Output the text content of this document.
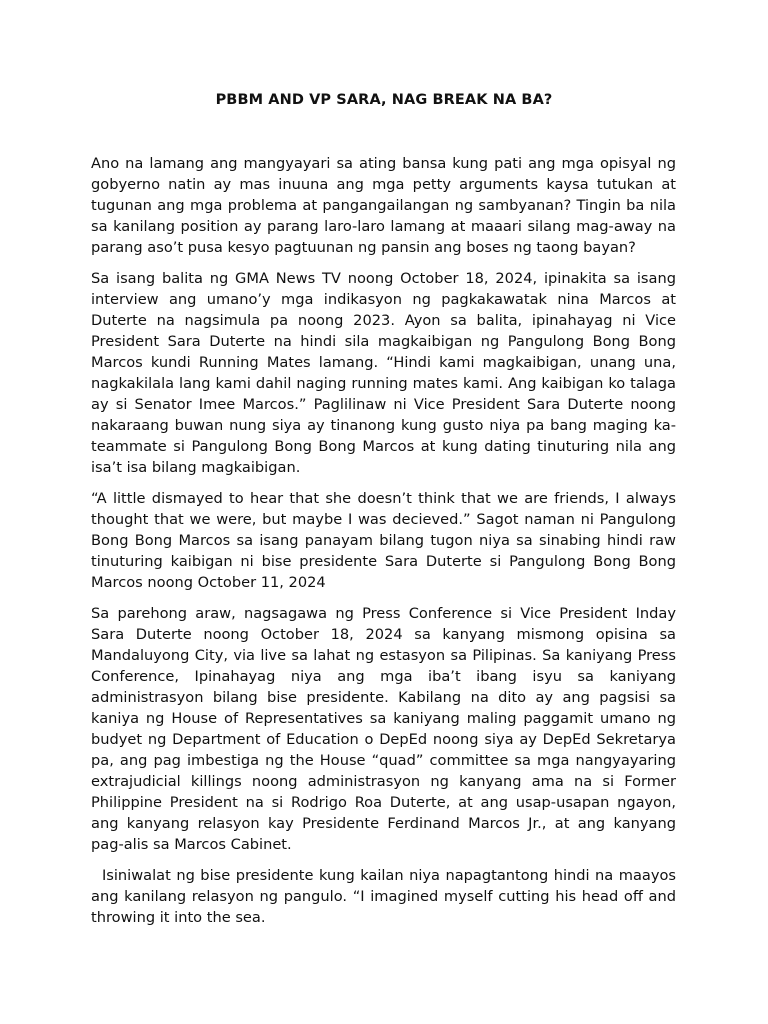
PBBM AND VP SARA, NAG BREAK NA BA?

Ano na lamang ang mangyayari sa ating bansa kung pati ang mga opisyal ng gobyerno natin ay mas inuuna ang mga petty arguments kaysa tutukan at tugunan ang mga problema at pangangailangan ng sambyanan? Tingin ba nila sa kanilang position ay parang laro-laro lamang at maaari silang mag-away na parang aso’t pusa kesyo pagtuunan ng pansin ang boses ng taong bayan?

Sa isang balita ng GMA News TV noong October 18, 2024, ipinakita sa isang interview ang umano’y mga indikasyon ng pagkakawatak nina Marcos at Duterte na nagsimula pa noong 2023. Ayon sa balita, ipinahayag ni Vice President Sara Duterte na hindi sila magkaibigan ng Pangulong Bong Bong Marcos kundi Running Mates lamang. “Hindi kami magkaibigan, unang una, nagkakilala lang kami dahil naging running mates kami. Ang kaibigan ko talaga ay si Senator Imee Marcos.” Paglilinaw ni Vice President Sara Duterte noong nakaraang buwan nung siya ay tinanong kung gusto niya pa bang maging ka-teammate si Pangulong Bong Bong Marcos at kung dating tinuturing nila ang isa’t isa bilang magkaibigan.

“A little dismayed to hear that she doesn’t think that we are friends, I always thought that we were, but maybe I was decieved.” Sagot naman ni Pangulong Bong Bong Marcos sa isang panayam bilang tugon niya sa sinabing hindi raw tinuturing kaibigan ni bise presidente Sara Duterte si Pangulong Bong Bong Marcos noong October 11, 2024

Sa parehong araw, nagsagawa ng Press Conference si Vice President Inday Sara Duterte noong October 18, 2024 sa kanyang mismong opisina sa Mandaluyong City, via live sa lahat ng estasyon sa Pilipinas. Sa kaniyang Press Conference, Ipinahayag niya ang mga iba’t ibang isyu sa kaniyang administrasyon bilang bise presidente. Kabilang na dito ay ang pagsisi sa kaniya ng House of Representatives sa kaniyang maling paggamit umano ng budyet ng Department of Education o DepEd noong siya ay DepEd Sekretarya pa, ang pag imbestiga ng the House “quad” committee sa mga nangyayaring extrajudicial killings noong administrasyon ng kanyang ama na si Former Philippine President na si Rodrigo Roa Duterte, at ang usap-usapan ngayon, ang kanyang relasyon kay Presidente Ferdinand Marcos Jr., at ang kanyang pag-alis sa Marcos Cabinet.

Isiniwalat ng bise presidente kung kailan niya napagtantong hindi na maayos ang kanilang relasyon ng pangulo. “I imagined myself cutting his head off and throwing it into the sea.
